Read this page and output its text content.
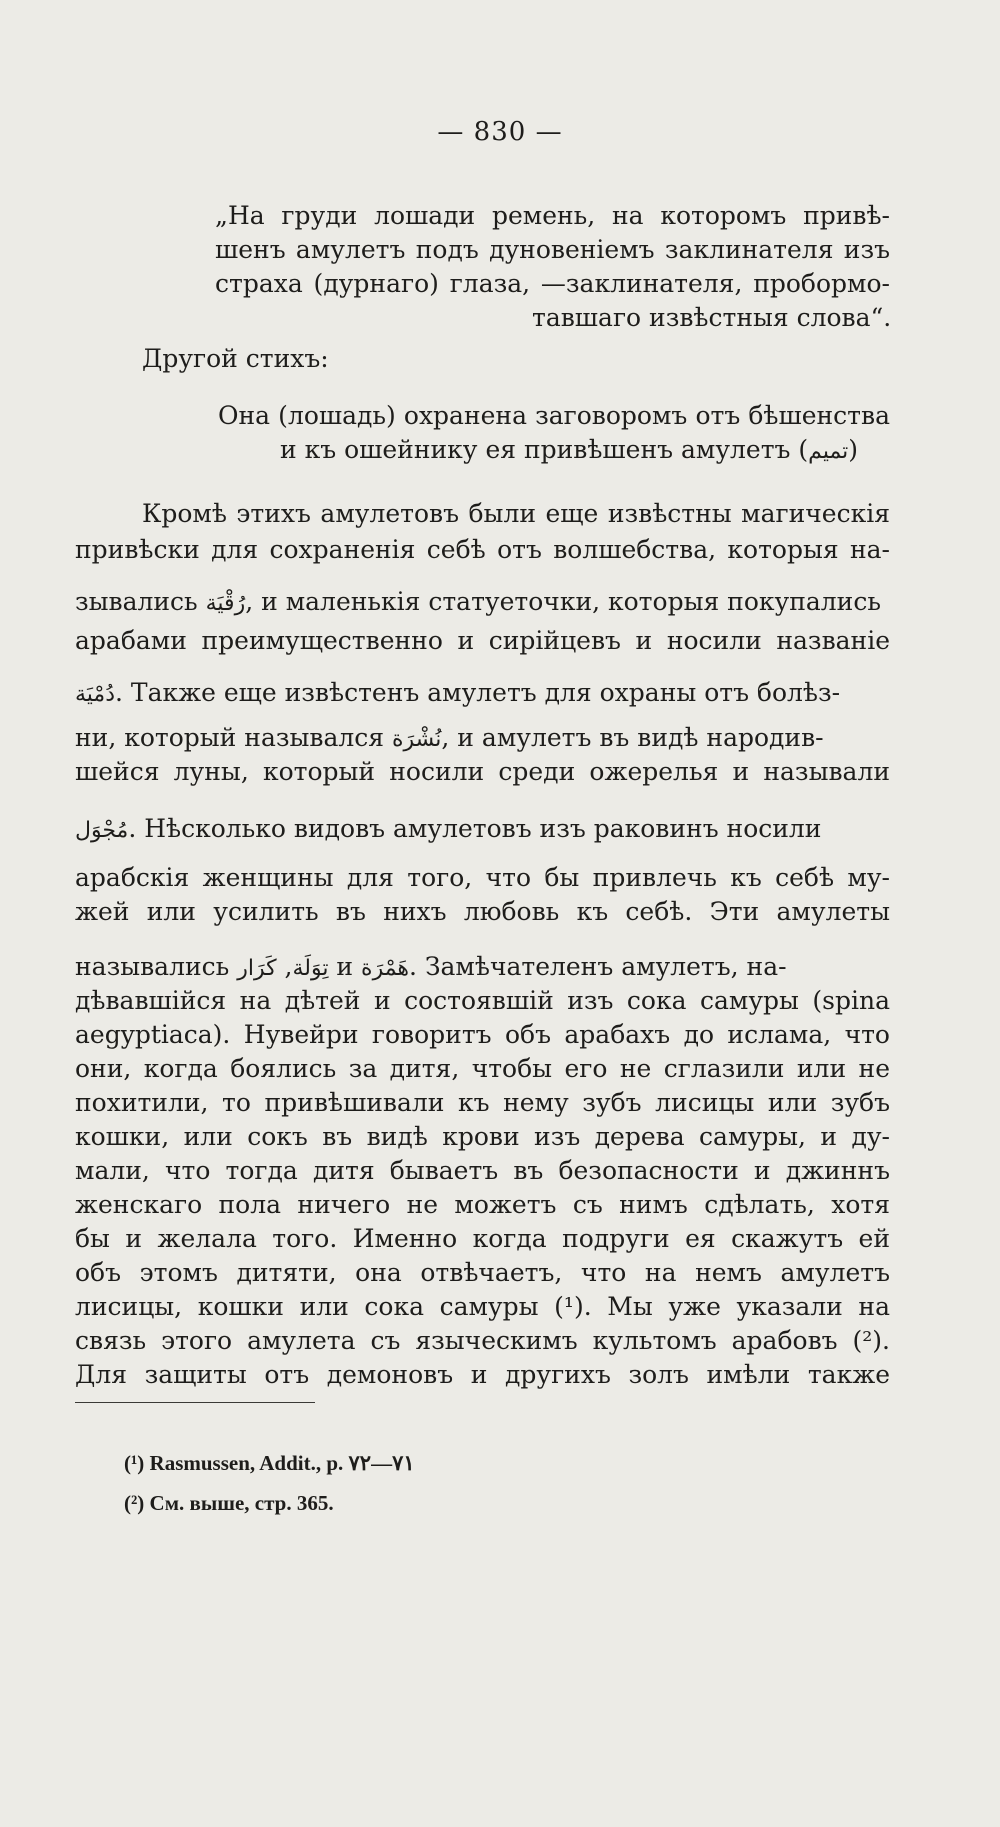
— 830 —
„На груди лошади ремень, на которомъ привѣ-
шенъ амулетъ подъ дуновеніемъ заклинателя изъ
страха (дурнаго) глаза, —заклинателя, пробормо-
тавшаго извѣстныя слова“.
Другой стихъ:
Она (лошадь) охранена заговоромъ отъ бѣшенства
и къ ошейнику ея привѣшенъ амулетъ (تميم)
Кромѣ этихъ амулетовъ были еще извѣстны магическія
привѣски для сохраненія себѣ отъ волшебства, которыя на-
зывались رُقْيَة, и маленькія статуеточки, которыя покупались
арабами преимущественно и сирійцевъ и носили названіе
دُمْيَة. Также еще извѣстенъ амулетъ для охраны отъ болѣз-
ни, который назывался نُشْرَة, и амулетъ въ видѣ народив-
шейся луны, который носили среди ожерелья и называли
مُجْوَل. Нѣсколько видовъ амулетовъ изъ раковинъ носили
арабскія женщины для того, что бы привлечь къ себѣ му-
жей или усилить въ нихъ любовь къ себѣ. Эти амулеты
назывались	تِوَلَة, كَرَار и هَمْرَة. Замѣчателенъ амулетъ, на-
дѣвавшійся на дѣтей и состоявшій изъ сока самуры (spina
aegyptiaca). Нувейри говоритъ объ арабахъ до ислама, что
они, когда боялись за дитя, чтобы его не сглазили или не
похитили, то привѣшивали къ нему зубъ лисицы или зубъ
кошки, или сокъ въ видѣ крови изъ дерева самуры, и ду-
мали, что тогда дитя бываетъ въ безопасности и джиннъ
женскаго пола ничего не можетъ съ нимъ сдѣлать, хотя
бы и желала того. Именно когда подруги ея скажутъ ей
объ этомъ дитяти, она отвѣчаетъ, что на немъ амулетъ
лисицы, кошки или сока самуры (¹). Мы уже указали на
связь этого амулета съ языческимъ культомъ арабовъ (²).
Для защиты отъ демоновъ и другихъ золъ имѣли также
(¹) Rasmussen, Addit., p. ٧١—٧٢
(²) См. выше, стр. 365.
